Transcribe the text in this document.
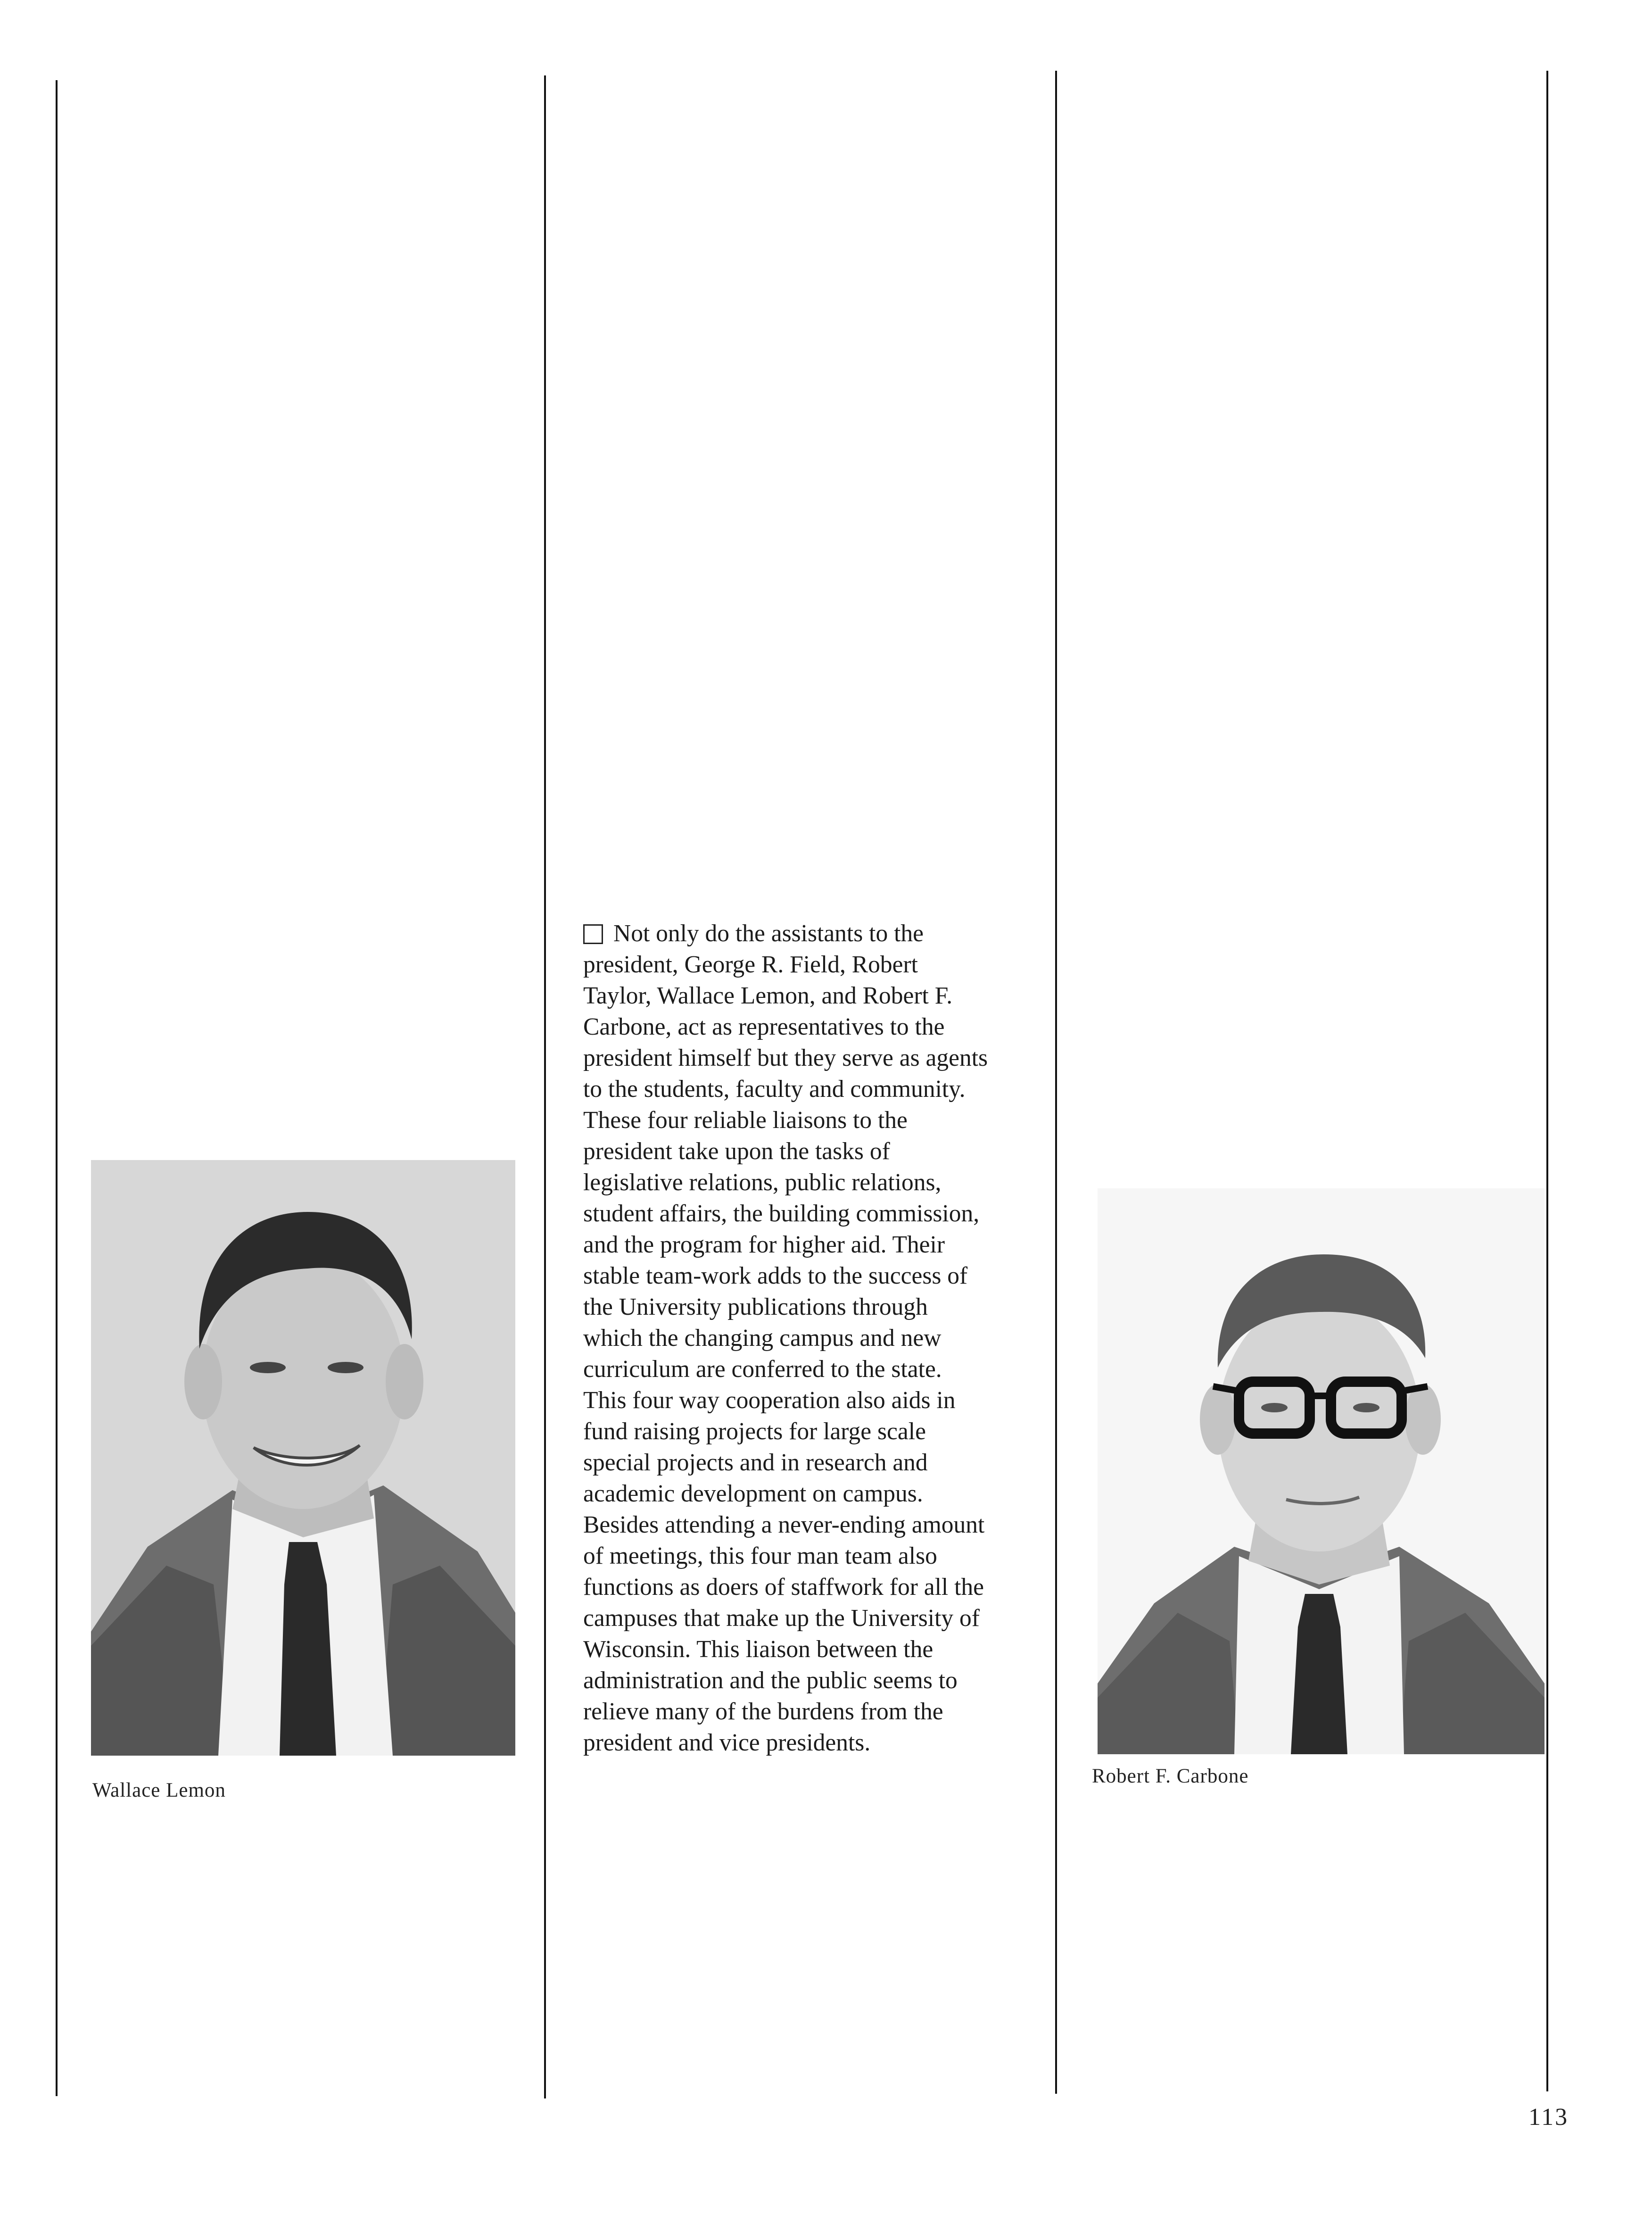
Wallace Lemon
Not only do the assistants to the
president, George R. Field, Robert
Taylor, Wallace Lemon, and Robert F.
Carbone, act as representatives to the
president himself but they serve as agents
to the students, faculty and community.
These four reliable liaisons to the
president take upon the tasks of
legislative relations, public relations,
student affairs, the building commission,
and the program for higher aid. Their
stable team-work adds to the success of
the University publications through
which the changing campus and new
curriculum are conferred to the state.
This four way cooperation also aids in
fund raising projects for large scale
special projects and in research and
academic development on campus.
Besides attending a never-ending amount
of meetings, this four man team also
functions as doers of staffwork for all the
campuses that make up the University of
Wisconsin. This liaison between the
administration and the public seems to
relieve many of the burdens from the
president and vice presidents.
Robert F. Carbone
113
